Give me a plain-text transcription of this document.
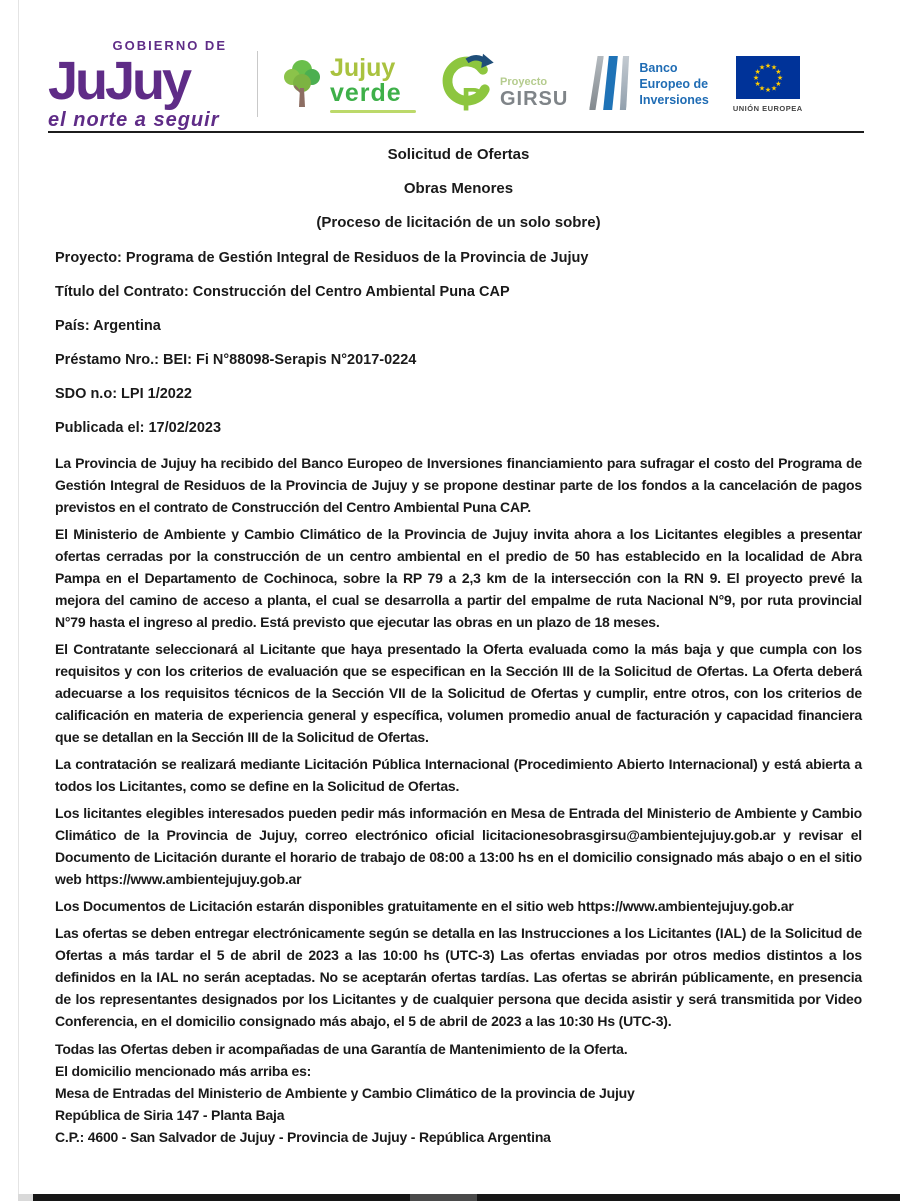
GOBIERNO DE
JuJuy
el norte a seguir
Jujuy
verde	P Proyecto
GIRSU
Banco
Europeo de
Inversiones
★ ★
★
★
★
★
★
★
★
★
★
★
UNIÓN EUROPEA

Solicitud de Ofertas

Obras Menores

(Proceso de licitación de un solo sobre)

Proyecto: Programa de Gestión Integral de Residuos de la Provincia de Jujuy
Título del Contrato: Construcción del Centro Ambiental Puna CAP
País: Argentina
Préstamo Nro.: BEI: Fi N°88098-Serapis N°2017-0224
SDO n.o: LPI 1/2022
Publicada el: 17/02/2023

La Provincia de Jujuy ha recibido del Banco Europeo de Inversiones financiamiento para sufragar el costo del Programa de Gestión Integral de Residuos de la Provincia de Jujuy y se propone destinar parte de los fondos a la cancelación de pagos previstos en el contrato de Construcción del Centro Ambiental Puna CAP.

El Ministerio de Ambiente y Cambio Climático de la Provincia de Jujuy invita ahora a los Licitantes elegibles a presentar ofertas cerradas por la construcción de un centro ambiental en el predio de 50 has establecido en la localidad de Abra Pampa en el Departamento de Cochinoca, sobre la RP 79 a 2,3 km de la intersección con la RN 9. El proyecto prevé la mejora del camino de acceso a planta, el cual se desarrolla a partir del empalme de ruta Nacional N°9, por ruta provincial N°79 hasta el ingreso al predio. Está previsto que ejecutar las obras en un plazo de 18 meses.

El Contratante seleccionará al Licitante que haya presentado la Oferta evaluada como la más baja y que cumpla con los requisitos y con los criterios de evaluación que se especifican en la Sección III de la Solicitud de Ofertas. La Oferta deberá adecuarse a los requisitos técnicos de la Sección VII de la Solicitud de Ofertas y cumplir, entre otros, con los criterios de calificación en materia de experiencia general y específica, volumen promedio anual de facturación y capacidad financiera que se detallan en la Sección III de la Solicitud de Ofertas.

La contratación se realizará mediante Licitación Pública Internacional (Procedimiento Abierto Internacional) y está abierta a todos los Licitantes, como se define en la Solicitud de Ofertas.

Los licitantes elegibles interesados pueden pedir más información en Mesa de Entrada del Ministerio de Ambiente y Cambio Climático de la Provincia de Jujuy, correo electrónico oficial licitacionesobrasgirsu@ambientejujuy.gob.ar y revisar el Documento de Licitación durante el horario de trabajo de 08:00 a 13:00 hs en el domicilio consignado más abajo o en el sitio web https://www.ambientejujuy.gob.ar

Los Documentos de Licitación estarán disponibles gratuitamente en el sitio web https://www.ambientejujuy.gob.ar

Las ofertas se deben entregar electrónicamente según se detalla en las Instrucciones a los Licitantes (IAL) de la Solicitud de Ofertas a más tardar el 5 de abril de 2023 a las 10:00 hs (UTC-3) Las ofertas enviadas por otros medios distintos a los definidos en la IAL no serán aceptadas. No se aceptarán ofertas tardías. Las ofertas se abrirán públicamente, en presencia de los representantes designados por los Licitantes y de cualquier persona que decida asistir y será transmitida por Video Conferencia, en el domicilio consignado más abajo, el 5 de abril de 2023 a las 10:30 Hs (UTC-3).

Todas las Ofertas deben ir acompañadas de una Garantía de Mantenimiento de la Oferta.
El domicilio mencionado más arriba es:
Mesa de Entradas del Ministerio de Ambiente y Cambio Climático de la provincia de Jujuy
República de Siria 147 - Planta Baja
C.P.: 4600 - San Salvador de Jujuy - Provincia de Jujuy - República Argentina
